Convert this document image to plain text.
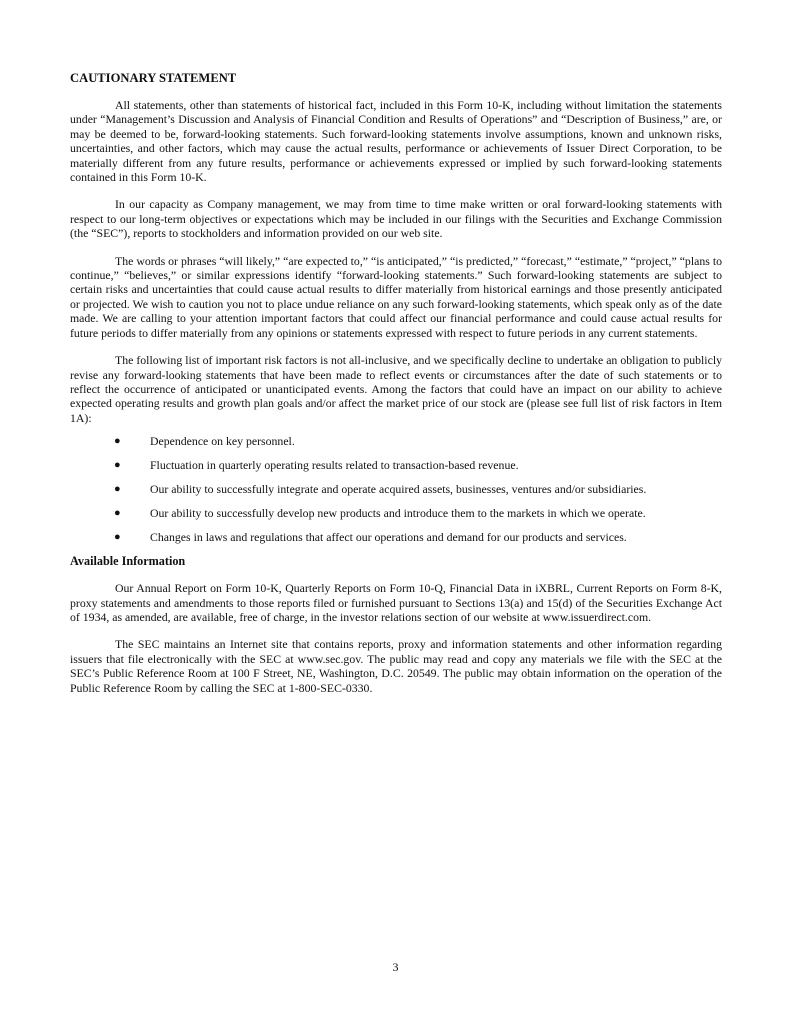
CAUTIONARY STATEMENT

All statements, other than statements of historical fact, included in this Form 10-K, including without limitation the statements under “Management’s Discussion and Analysis of Financial Condition and Results of Operations” and “Description of Business,” are, or may be deemed to be, forward-looking statements. Such forward-looking statements involve assumptions, known and unknown risks, uncertainties, and other factors, which may cause the actual results, performance or achievements of Issuer Direct Corporation, to be materially different from any future results, performance or achievements expressed or implied by such forward-looking statements contained in this Form 10-K.

In our capacity as Company management, we may from time to time make written or oral forward-looking statements with respect to our long-term objectives or expectations which may be included in our filings with the Securities and Exchange Commission (the “SEC”), reports to stockholders and information provided on our web site.

The words or phrases “will likely,” “are expected to,” “is anticipated,” “is predicted,” “forecast,” “estimate,” “project,” “plans to continue,” “believes,” or similar expressions identify “forward-looking statements.” Such forward-looking statements are subject to certain risks and uncertainties that could cause actual results to differ materially from historical earnings and those presently anticipated or projected. We wish to caution you not to place undue reliance on any such forward-looking statements, which speak only as of the date made. We are calling to your attention important factors that could affect our financial performance and could cause actual results for future periods to differ materially from any opinions or statements expressed with respect to future periods in any current statements.

The following list of important risk factors is not all-inclusive, and we specifically decline to undertake an obligation to publicly revise any forward-looking statements that have been made to reflect events or circumstances after the date of such statements or to reflect the occurrence of anticipated or unanticipated events. Among the factors that could have an impact on our ability to achieve expected operating results and growth plan goals and/or affect the market price of our stock are (please see full list of risk factors in Item 1A):

● Dependence on key personnel.
● Fluctuation in quarterly operating results related to transaction-based revenue.
● Our ability to successfully integrate and operate acquired assets, businesses, ventures and/or subsidiaries.
● Our ability to successfully develop new products and introduce them to the markets in which we operate.
● Changes in laws and regulations that affect our operations and demand for our products and services.
Available Information

Our Annual Report on Form 10-K, Quarterly Reports on Form 10-Q, Financial Data in iXBRL, Current Reports on Form 8-K, proxy statements and amendments to those reports filed or furnished pursuant to Sections 13(a) and 15(d) of the Securities Exchange Act of 1934, as amended, are available, free of charge, in the investor relations section of our website at www.issuerdirect.com.

The SEC maintains an Internet site that contains reports, proxy and information statements and other information regarding issuers that file electronically with the SEC at www.sec.gov. The public may read and copy any materials we file with the SEC at the SEC’s Public Reference Room at 100 F Street, NE, Washington, D.C. 20549. The public may obtain information on the operation of the Public Reference Room by calling the SEC at 1-800-SEC-0330.

3
